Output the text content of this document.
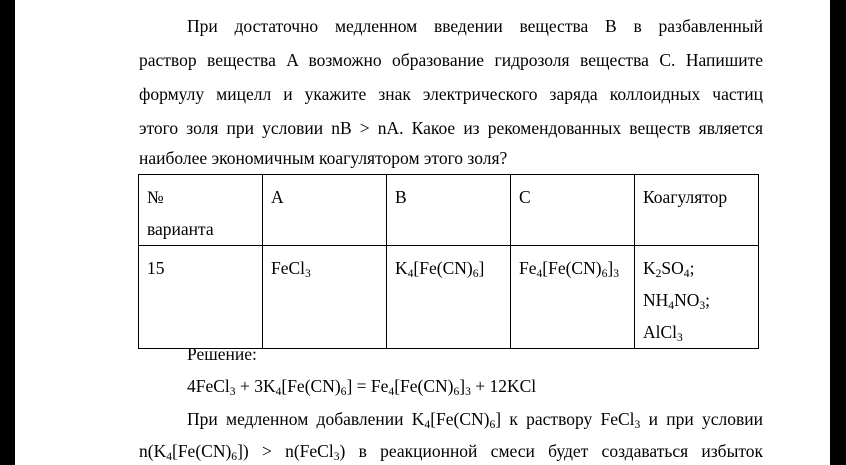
При достаточно медленном введении вещества B в разбавленный
раствор вещества A возможно образование гидрозоля вещества C. Напишите
формулу мицелл и укажите знак электрического заряда коллоидных частиц
этого золя при условии nB > nA. Какое из рекомендованных веществ является
наиболее экономичным коагулятором этого золя?
№
варианта	A	B	C	Коагулятор
15	FeCl$_3$	$K_4[Fe(CN)_6]$	$Fe_4[Fe(CN)_6]_3$	$K_2SO_4$;
$NH_4NO_3$;
AlCl$_3$
Решение:
4FeCl$_3$ + $3K_4[Fe(CN)_6] = Fe_4[Fe(CN)_6]_3 + 12KCl$
При медленном добавлении $K_4[Fe(CN)_6]$ к раствору FeCl$_3$ и при условии
$n(K_4[Fe(CN)_6])$ > n(FeCl$_3$) в реакционной смеси будет создаваться избыток
